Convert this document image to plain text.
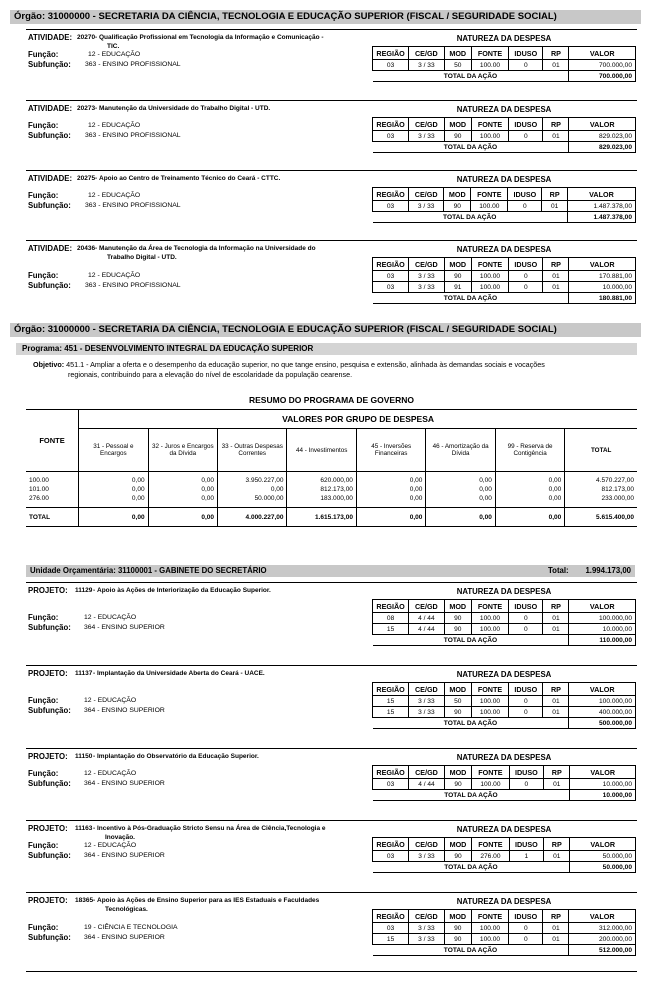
Órgão: 31000000 - SECRETARIA DA CIÊNCIA, TECNOLOGIA E EDUCAÇÃO SUPERIOR (FISCAL / SEGURIDADE SOCIAL)
ATIVIDADE: 20270 - Qualificação Profissional em Tecnologia da Informação e Comunicação -
TIC.
NATUREZA DA DESPESA
REGIÃO	CE/GD	MOD	FONTE	IDUSO	RP	VALOR
03	3 / 33	50	100.00	0	01	700.000,00
TOTAL DA AÇÃO						700.000,00
Função:	12 - EDUCAÇÃO
Subfunção: 363 - ENSINO PROFISSIONAL
ATIVIDADE: 20273 - Manutenção da Universidade do Trabalho Digital - UTD.	NATUREZA DA DESPESA
REGIÃO	CE/GD	MOD	FONTE	IDUSO	RP	VALOR
03	3 / 33	90	100.00	0	01	829.023,00
TOTAL DA AÇÃO						829.023,00
Função:	12 - EDUCAÇÃO
Subfunção: 363 - ENSINO PROFISSIONAL
ATIVIDADE: 20275 - Apoio ao Centro de Treinamento Técnico do Ceará - CTTC.	NATUREZA DA DESPESA
REGIÃO	CE/GD	MOD	FONTE	IDUSO	RP	VALOR
03	3 / 33	90	100.00	0	01	1.487.378,00
TOTAL DA AÇÃO						1.487.378,00
Função:	12 - EDUCAÇÃO
Subfunção: 363 - ENSINO PROFISSIONAL
ATIVIDADE: 20436 - Manutenção da Área de Tecnologia da Informação na Universidade do
Trabalho Digital - UTD.
NATUREZA DA DESPESA
REGIÃO	CE/GD	MOD	FONTE	IDUSO	RP	VALOR
03	3 / 33	90	100.00	0	01	170.881,00
03	3 / 33	91	100.00	0	01	10.000,00
TOTAL DA AÇÃO						180.881,00
Função:	12 - EDUCAÇÃO
Subfunção: 363 - ENSINO PROFISSIONAL
Órgão: 31000000 - SECRETARIA DA CIÊNCIA, TECNOLOGIA E EDUCAÇÃO SUPERIOR (FISCAL / SEGURIDADE SOCIAL)
Programa: 451 - DESENVOLVIMENTO INTEGRAL DA EDUCAÇÃO SUPERIOR
Objetivo: 451.1 - Ampliar a oferta e o desempenho da educação superior, no que tange ensino, pesquisa e extensão, alinhada às demandas sociais e vocações
regionais, contribuindo para a elevação do nível de escolaridade da população cearense.
RESUMO DO PROGRAMA DE GOVERNO								
FONTE	VALORES POR GRUPO DE DESPESA							
	31 - Pessoal e Encargos	32 - Juros e Encargos da Dívida	33 - Outras Despesas Correntes	44 - Investimentos	45 - Inversões Financeiras	46 - Amortização da Dívida	99 - Reserva de Contigência	TOTAL
100.00	0,00	0,00	3.950.227,00	620.000,00	0,00	0,00	0,00	4.570.227,00
101.00	0,00	0,00	0,00	812.173,00	0,00	0,00	0,00	812.173,00
276.00	0,00	0,00	50.000,00	183.000,00	0,00	0,00	0,00	233.000,00
TOTAL	0,00	0,00	4.000.227,00	1.615.173,00	0,00	0,00	0,00	5.615.400,00
Unidade Orçamentária: 31100001 - GABINETE DO SECRETÁRIO	Total: 1.994.173,00
PROJETO: 11129 - Apoio às Ações de Interiorização da Educação Superior.	NATUREZA DA DESPESA
REGIÃO	CE/GD	MOD	FONTE	IDUSO	RP	VALOR
08	4 / 44	90	100.00	0	01	100.000,00
15	4 / 44	90	100.00	0	01	10.000,00
TOTAL DA AÇÃO						110.000,00
Função:	12 - EDUCAÇÃO
Subfunção: 364 - ENSINO SUPERIOR
PROJETO: 11137 - Implantação da Universidade Aberta do Ceará - UACE.	NATUREZA DA DESPESA
REGIÃO	CE/GD	MOD	FONTE	IDUSO	RP	VALOR
15	3 / 33	50	100.00	0	01	100.000,00
15	3 / 33	90	100.00	0	01	400.000,00
TOTAL DA AÇÃO						500.000,00
Função:	12 - EDUCAÇÃO
Subfunção: 364 - ENSINO SUPERIOR
PROJETO: 11150 - Implantação do Observatório da Educação Superior.	NATUREZA DA DESPESA
REGIÃO	CE/GD	MOD	FONTE	IDUSO	RP	VALOR
03	4 / 44	90	100.00	0	01	10.000,00
TOTAL DA AÇÃO						10.000,00
Função:	12 - EDUCAÇÃO
Subfunção: 364 - ENSINO SUPERIOR
PROJETO: 11163 - Incentivo à Pós-Graduação Stricto Sensu na Área de Ciência,Tecnologia e
Inovação.
NATUREZA DA DESPESA
REGIÃO	CE/GD	MOD	FONTE	IDUSO	RP	VALOR
03	3 / 33	90	276.00	1	01	50.000,00
TOTAL DA AÇÃO						50.000,00
Função:	12 - EDUCAÇÃO
Subfunção: 364 - ENSINO SUPERIOR
PROJETO: 18365 - Apoio às Ações de Ensino Superior para as IES Estaduais e Faculdades
Tecnológicas.
NATUREZA DA DESPESA
REGIÃO	CE/GD	MOD	FONTE	IDUSO	RP	VALOR
03	3 / 33	90	100.00	0	01	312.000,00
15	3 / 33	90	100.00	0	01	200.000,00
TOTAL DA AÇÃO						512.000,00
Função:	19 - CIÊNCIA E TECNOLOGIA
Subfunção: 364 - ENSINO SUPERIOR
